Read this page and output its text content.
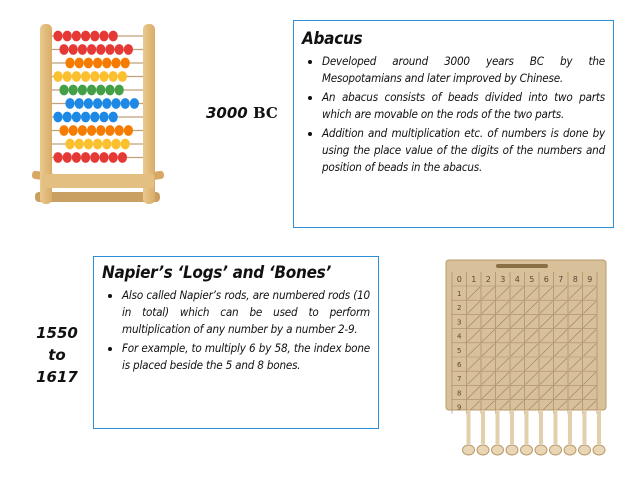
3000 BC
Abacus
• Developed around 3000 years BC by the Mesopotamians and later improved by Chinese.
• An abacus consists of beads divided into two parts which are movable on the rods of the two parts.
• Addition and multiplication etc. of numbers is done by using the place value of the digits of the numbers and position of beads in the abacus.
Napier’s ‘Logs’ and ‘Bones’
• Also called Napier’s rods, are numbered rods (10 in total) which can be used to perform multiplication of any number by a number 2-9.
• For example, to multiply 6 by 58, the index bone is placed beside the 5 and 8 bones.
1550
to
1617
0 1 2 3 4 5 6 7 8 9
1
2
3
4
5
6
7
8
9
